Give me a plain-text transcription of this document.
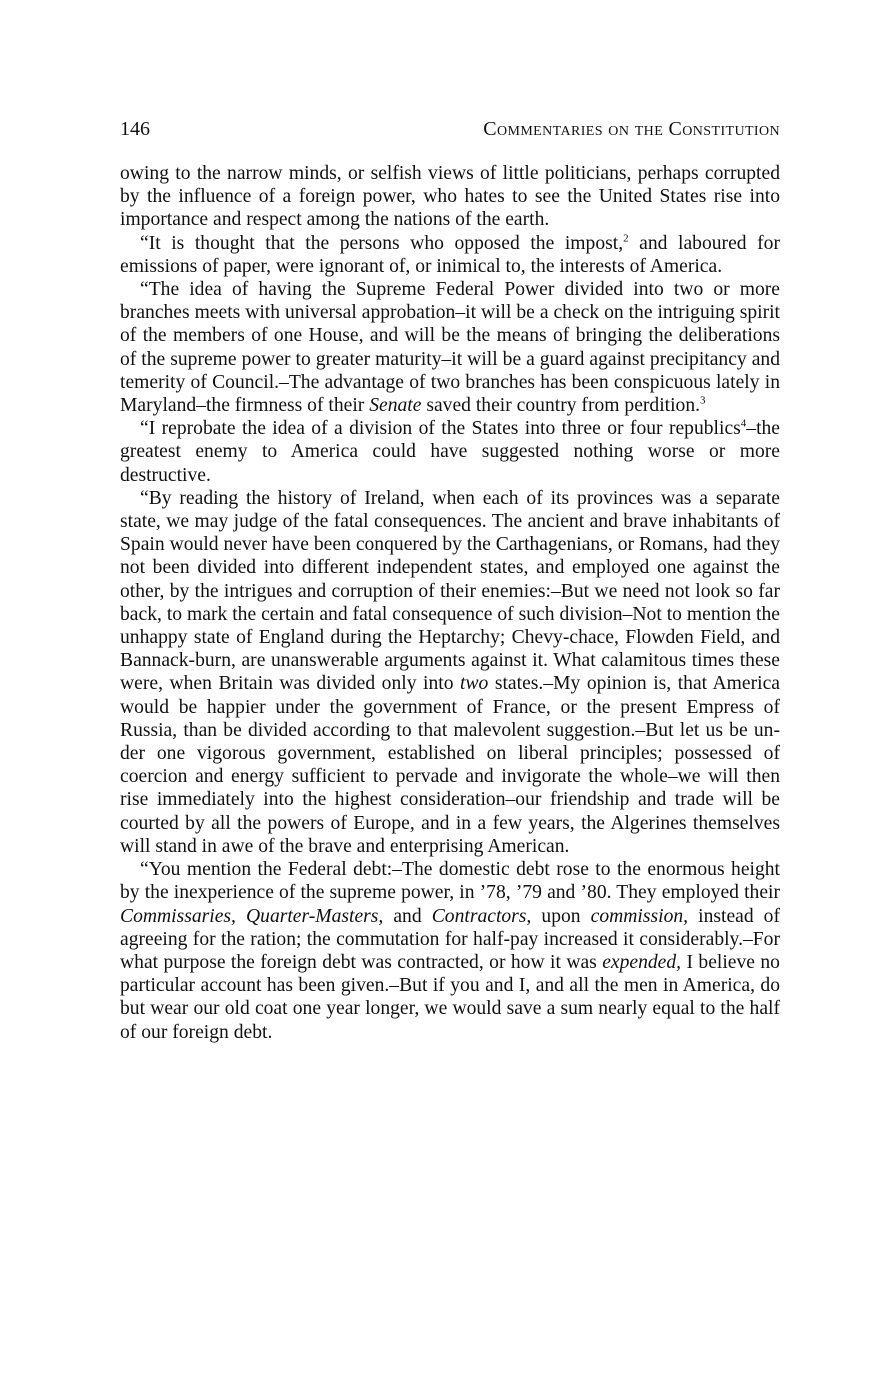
146	Commentaries on the Constitution

owing to the narrow minds, or selfish views of little politicians, perhaps corrupted by the influence of a foreign power, who hates to see the United States rise into importance and respect among the nations of the earth.

“It is thought that the persons who opposed the impost,$^2$ and laboured for emissions of paper, were ignorant of, or inimical to, the interests of America.

“The idea of having the Supreme Federal Power divided into two or more branches meets with universal approbation–it will be a check on the intriguing spirit of the members of one House, and will be the means of bringing the deliberations of the supreme power to greater maturity–it will be a guard against precipitancy and temerity of Council.–The advantage of two branches has been conspicuous lately in Maryland–the firmness of their Senate saved their country from perdition.$^3$

“I reprobate the idea of a division of the States into three or four republics$^4$–the greatest enemy to America could have suggested nothing worse or more destructive.

“By reading the history of Ireland, when each of its provinces was a separate state, we may judge of the fatal consequences. The ancient and brave inhabitants of Spain would never have been conquered by the Carthagenians, or Romans, had they not been divided into different independent states, and employed one against the other, by the intrigues and corruption of their enemies:–But we need not look so far back, to mark the certain and fatal consequence of such division–Not to mention the unhappy state of England during the Heptarchy; Chevy-chace, Flowden Field, and Bannack-burn, are unanswerable arguments against it. What calamitous times these were, when Britain was divided only into two states.–My opinion is, that America would be happier under the government of France, or the present Empress of Russia, than be divided according to that malevolent suggestion.–But let us be under one vigorous government, established on liberal principles; possessed of coercion and energy sufficient to pervade and invigorate the whole–we will then rise immediately into the highest consideration–our friendship and trade will be courted by all the powers of Europe, and in a few years, the Algerines themselves will stand in awe of the brave and enterprising American.

“You mention the Federal debt:–The domestic debt rose to the enormous height by the inexperience of the supreme power, in ’78, ’79 and ’80. They employed their Commissaries, Quarter-Masters, and Contractors, upon commission, instead of agreeing for the ration; the commutation for half-pay increased it considerably.–For what purpose the foreign debt was contracted, or how it was expended, I believe no particular account has been given.–But if you and I, and all the men in America, do but wear our old coat one year longer, we would save a sum nearly equal to the half of our foreign debt.
